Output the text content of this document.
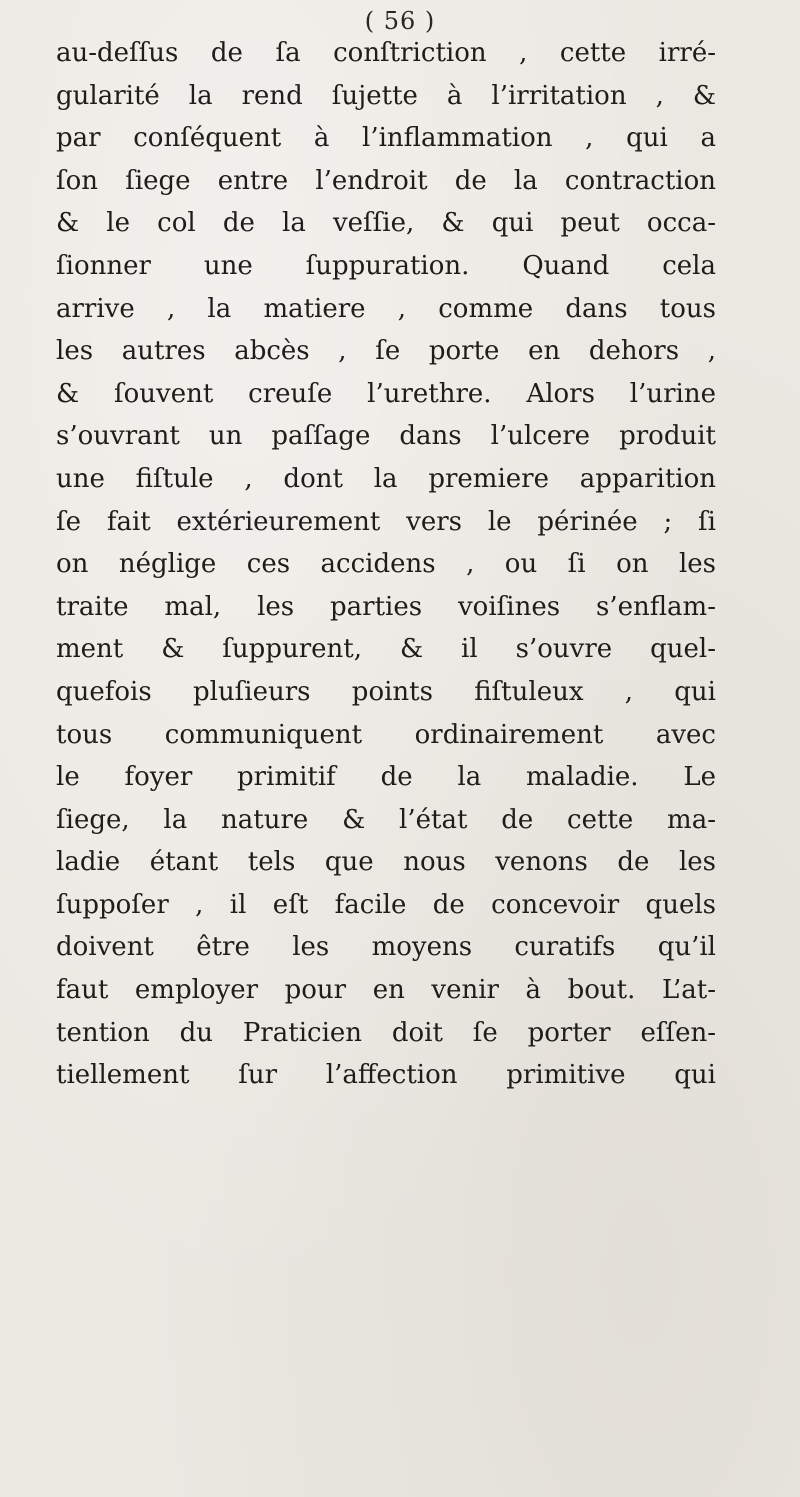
( 56 )
au-deſſus de ſa conſtriction , cette irré-
gularité la rend ſujette à l’irritation , &
par conſéquent à l’inflammation , qui a
ſon ſiege entre l’endroit de la contraction
& le col de la veſſie, & qui peut occa-
ſionner une ſuppuration. Quand cela
arrive , la matiere , comme dans tous
les autres abcès , ſe porte en dehors ,
& ſouvent creuſe l’urethre. Alors l’urine
s’ouvrant un paſſage dans l’ulcere produit
une fiſtule , dont la premiere apparition
ſe fait extérieurement vers le périnée ; ſi
on néglige ces accidens , ou ſi on les
traite mal, les parties voiſines s’enflam-
ment & ſuppurent, & il s’ouvre quel-
quefois pluſieurs points fiſtuleux , qui
tous communiquent ordinairement avec
le foyer primitif de la maladie. Le
ſiege, la nature & l’état de cette ma-
ladie étant tels que nous venons de les
ſuppoſer , il eſt facile de concevoir quels
doivent être les moyens curatifs qu’il
faut employer pour en venir à bout. L’at-
tention du Praticien doit ſe porter eſſen-
tiellement ſur l’affection primitive qui
